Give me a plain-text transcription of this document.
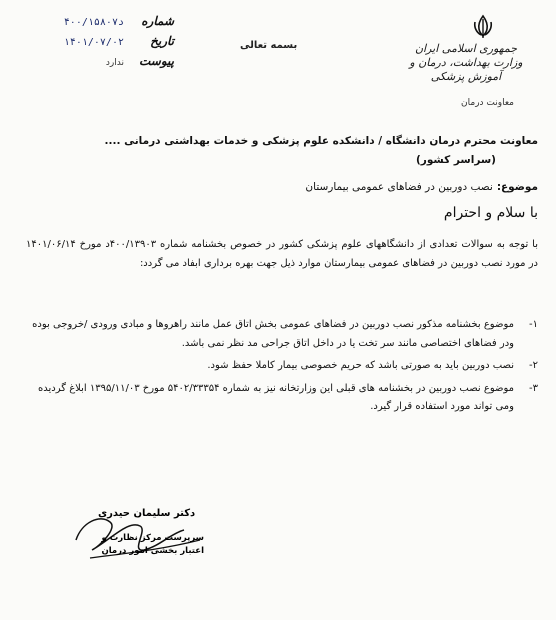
جمهوری اسلامی ایران
وزارت بهداشت، درمان و آموزش پزشکی
معاونت درمان
بسمه تعالی
شماره
۴۰۰/۱۵۸۰۷د
تاریخ
۱۴۰۱/۰۷/۰۲
پیوست
ندارد
معاونت محترم درمان دانشگاه / دانشکده علوم پزشکی و خدمات بهداشتی درمانی ....
(سراسر کشور)
موضوع:نصب دوربین در فضاهای عمومی بیمارستان
با سلام و احترام
با توجه به سوالات تعدادی از دانشگاههای علوم پزشکی کشور در خصوص بخشنامه شماره ۴۰۰/۱۳۹۰۳د مورخ ۱۴۰۱/۰۶/۱۴ در مورد نصب دوربین در فضاهای عمومی بیمارستان موارد ذیل جهت بهره برداری ابفاد می گردد:
۱-
موضوع بخشنامه مذکور نصب دوربین در فضاهای عمومی بخش اتاق عمل مانند راهروها و مبادی ورودی /خروجی بوده ودر فضاهای اختصاصی مانند سر تخت یا در داخل اتاق جراحی مد نظر نمی باشد.
۲-
نصب دوربین باید به صورتی باشد که حریم خصوصی بیمار کاملا حفظ شود.
۳-
موضوع نصب دوربین در بخشنامه های قبلی این وزارتخانه نیز به شماره ۵۴۰۲/۳۳۳۵۴ مورخ ۱۳۹۵/۱۱/۰۳ ابلاغ گردیده ومی تواند مورد استفاده قرار گیرد.
دکتر سلیمان حیدری
سرپرست مرکز نظارت و
اعتبار بخشی امور درمان
